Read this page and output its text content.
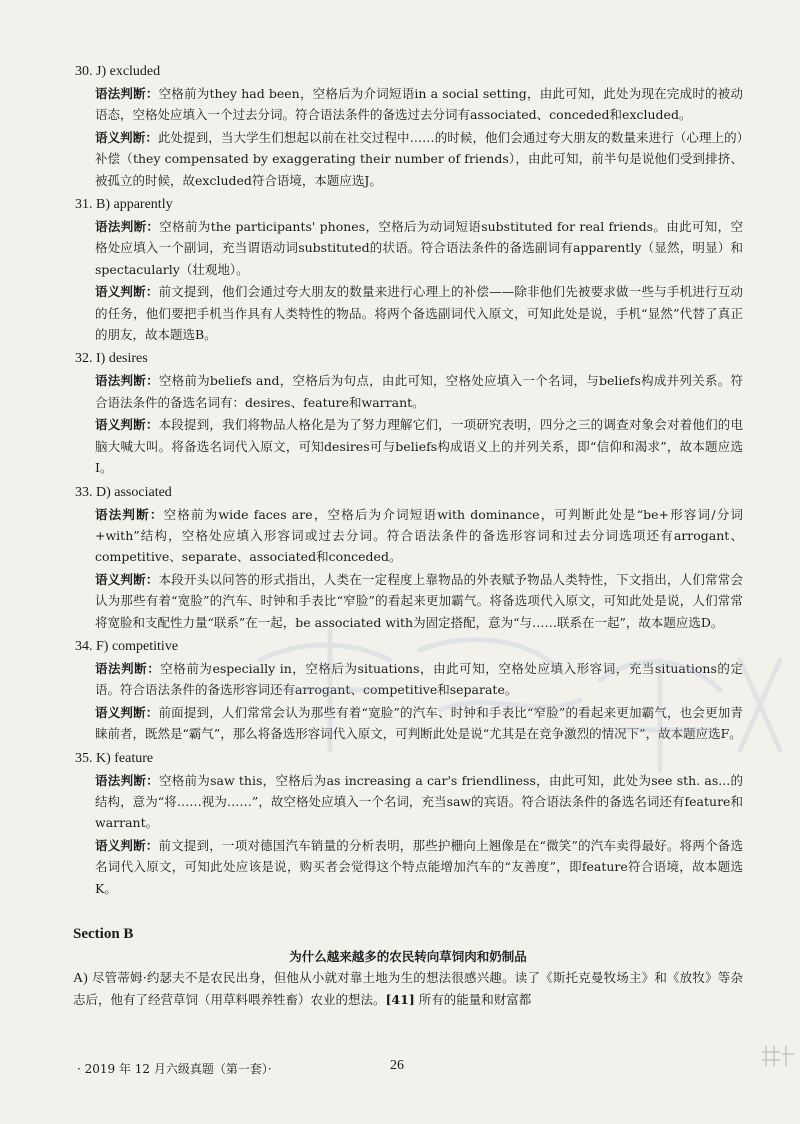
30. J) excluded

语法判断：空格前为they had been，空格后为介词短语in a social setting，由此可知，此处为现在完成时的被动语态，空格处应填入一个过去分词。符合语法条件的备选过去分词有associated、conceded和excluded。

语义判断：此处提到，当大学生们想起以前在社交过程中……的时候，他们会通过夸大朋友的数量来进行（心理上的）补偿（they compensated by exaggerating their number of friends），由此可知，前半句是说他们受到排挤、被孤立的时候，故excluded符合语境，本题应选J。

31. B) apparently

语法判断：空格前为the participants' phones，空格后为动词短语substituted for real friends。由此可知，空格处应填入一个副词，充当谓语动词substituted的状语。符合语法条件的备选副词有apparently（显然，明显）和spectacularly（壮观地）。

语义判断：前文提到，他们会通过夸大朋友的数量来进行心理上的补偿——除非他们先被要求做一些与手机进行互动的任务，他们要把手机当作具有人类特性的物品。将两个备选副词代入原文，可知此处是说，手机“显然”代替了真正的朋友，故本题选B。

32. I) desires

语法判断：空格前为beliefs and，空格后为句点，由此可知，空格处应填入一个名词，与beliefs构成并列关系。符合语法条件的备选名词有：desires、feature和warrant。

语义判断：本段提到，我们将物品人格化是为了努力理解它们，一项研究表明，四分之三的调查对象会对着他们的电脑大喊大叫。将备选名词代入原文，可知desires可与beliefs构成语义上的并列关系，即“信仰和渴求”，故本题应选I。

33. D) associated

语法判断：空格前为wide faces are，空格后为介词短语with dominance，可判断此处是“be+形容词/分词+with”结构，空格处应填入形容词或过去分词。符合语法条件的备选形容词和过去分词选项还有arrogant、competitive、separate、associated和conceded。

语义判断：本段开头以问答的形式指出，人类在一定程度上靠物品的外表赋予物品人类特性，下文指出，人们常常会认为那些有着“宽脸”的汽车、时钟和手表比“窄脸”的看起来更加霸气。将备选项代入原文，可知此处是说，人们常常将宽脸和支配性力量“联系”在一起，be associated with为固定搭配，意为“与……联系在一起”，故本题应选D。

34. F) competitive

语法判断：空格前为especially in，空格后为situations，由此可知，空格处应填入形容词，充当situations的定语。符合语法条件的备选形容词还有arrogant、competitive和separate。

语义判断：前面提到，人们常常会认为那些有着“宽脸”的汽车、时钟和手表比“窄脸”的看起来更加霸气，也会更加青睐前者，既然是“霸气”，那么将备选形容词代入原文，可判断此处是说“尤其是在竞争激烈的情况下”，故本题应选F。

35. K) feature

语法判断：空格前为saw this，空格后为as increasing a car's friendliness，由此可知，此处为see sth. as...的结构，意为“将……视为……”，故空格处应填入一个名词，充当saw的宾语。符合语法条件的备选名词还有feature和warrant。

语义判断：前文提到，一项对德国汽车销量的分析表明，那些护栅向上翘像是在“微笑”的汽车卖得最好。将两个备选名词代入原文，可知此处应该是说，购买者会觉得这个特点能增加汽车的“友善度”，即feature符合语境，故本题选K。

Section B
为什么越来越多的农民转向草饲肉和奶制品

A) 尽管蒂姆·约瑟夫不是农民出身，但他从小就对靠土地为生的想法很感兴趣。读了《斯托克曼牧场主》和《放牧》等杂志后，他有了经营草饲（用草料喂养牲畜）农业的想法。[41] 所有的能量和财富都

· 2019 年 12 月六级真题（第一套）·	26
